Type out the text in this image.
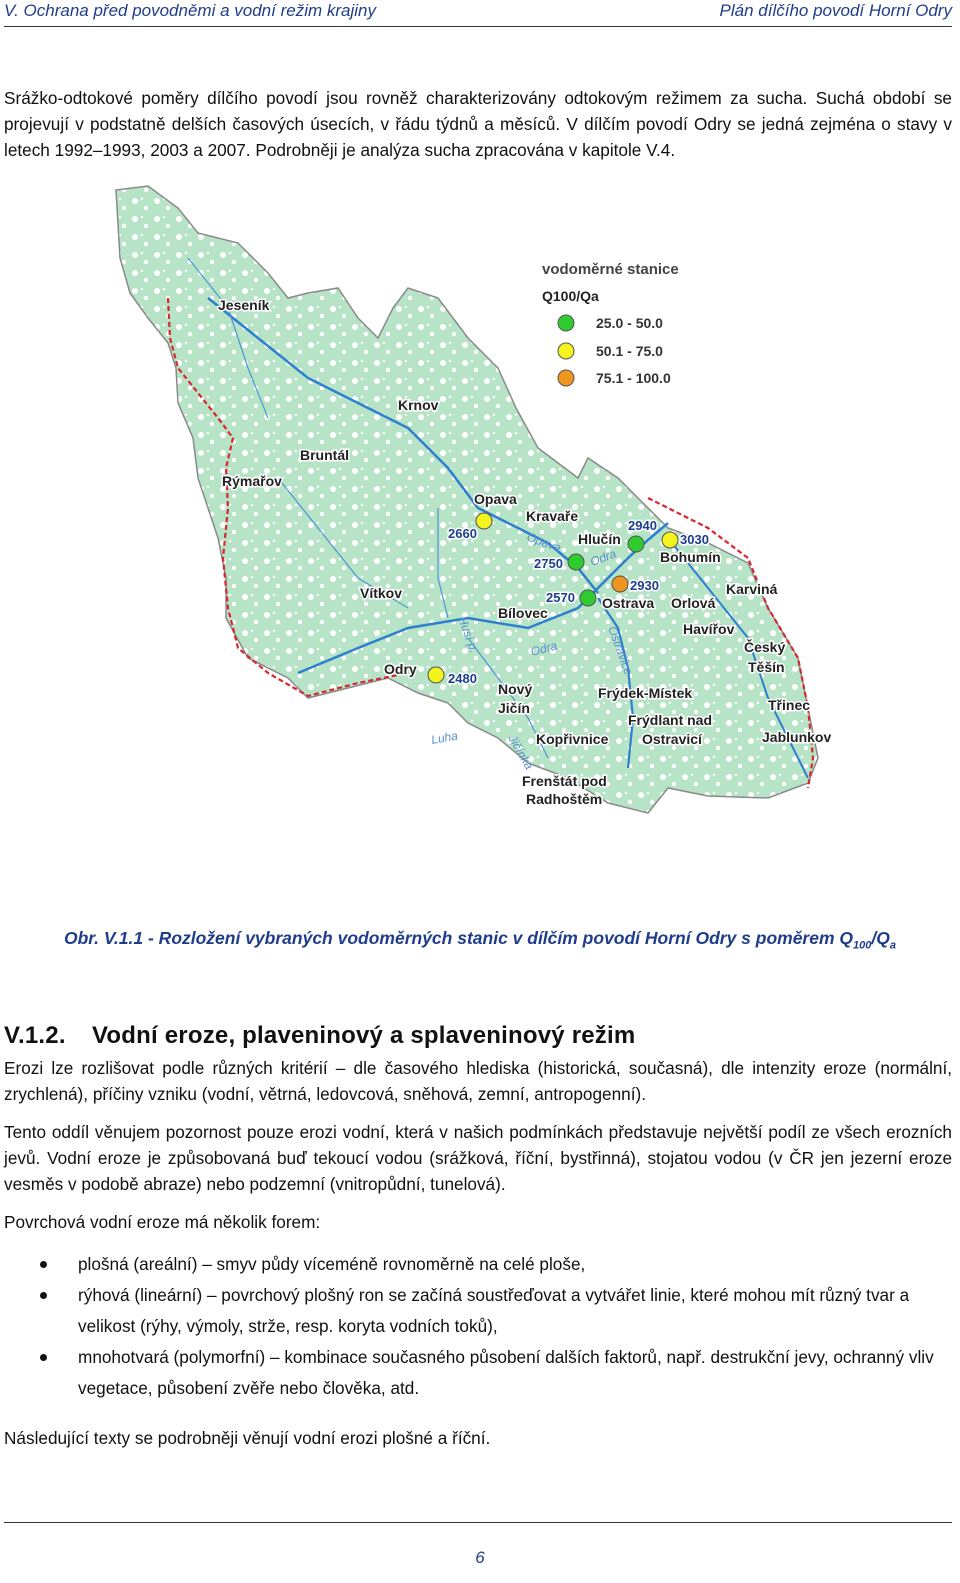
V. Ochrana před povodněmi a vodní režim krajiny	Plán dílčího povodí Horní Odry
Srážko-odtokové poměry dílčího povodí jsou rovněž charakterizovány odtokovým režimem za sucha. Suchá období se projevují v podstatně delších časových úsecích, v řádu týdnů a měsíců. V dílčím povodí Odry se jedná zejména o stavy v letech 1992–1993, 2003 a 2007. Podrobněji je analýza sucha zpracována v kapitole V.4.
vodoměrné stanice
Q100/Qa
25.0 - 50.0
50.1 - 75.0
75.1 - 100.0
Jeseník
Krnov
Bruntál
Rýmařov
Opava
Kravaře
Hlučín
Bohumín
Karviná
Vítkov
Bílovec
Ostrava Orlová
Havířov
Český
Těšín
Odry
Nový
Jičín
Frýdek-Místek
Třinec
Frýdlant nad
Ostravicí	Jablunkov
Kopřivnice
Frenštát pod
Radhoštěm
2660
2750
2570
2940
3030
2930
2480
Opava
Odra
Odra	Ostravice
Husí p.
Luha	Jičínka
Obr. V.1.1 - Rozložení vybraných vodoměrných stanic v dílčím povodí Horní Odry s poměrem $Q_{100}/Q_a$
V.1.2. Vodní eroze, plaveninový a splaveninový režim
Erozi lze rozlišovat podle různých kritérií – dle časového hlediska (historická, současná), dle intenzity eroze (normální, zrychlená), příčiny vzniku (vodní, větrná, ledovcová, sněhová, zemní, antropogenní).
Tento oddíl věnujem pozornost pouze erozi vodní, která v našich podmínkách představuje největší podíl ze všech erozních jevů. Vodní eroze je způsobovaná buď tekoucí vodou (srážková, říční, bystřinná), stojatou vodou (v ČR jen jezerní eroze vesměs v podobě abraze) nebo podzemní (vnitropůdní, tunelová).
Povrchová vodní eroze má několik forem:
plošná (areální) – smyv půdy víceméně rovnoměrně na celé ploše,
rýhová (lineární) – povrchový plošný ron se začíná soustřeďovat a vytvářet linie, které mohou mít různý tvar a velikost (rýhy, výmoly, strže, resp. koryta vodních toků),
mnohotvará (polymorfní) – kombinace současného působení dalších faktorů, např. destrukční jevy, ochranný vliv vegetace, působení zvěře nebo člověka, atd.
Následující texty se podrobněji věnují vodní erozi plošné a říční.
6
